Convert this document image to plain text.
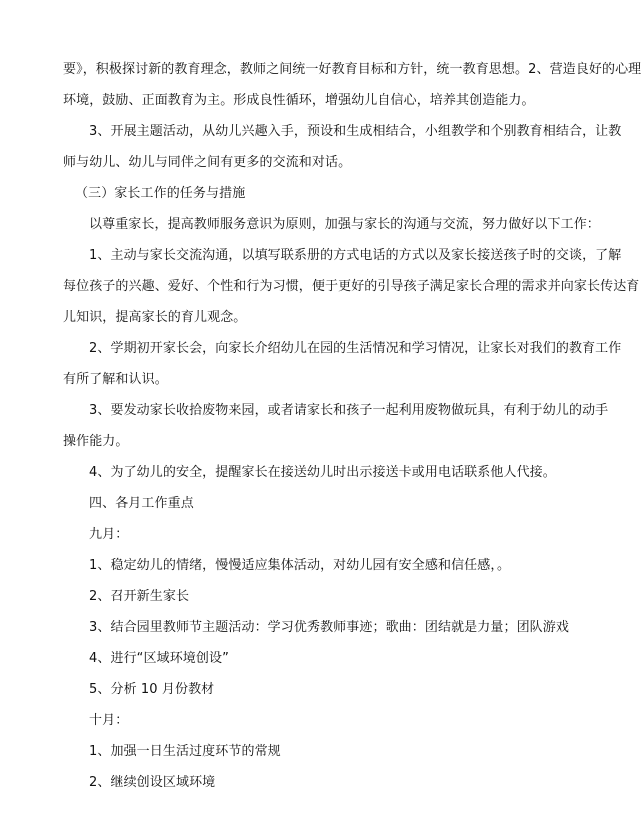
要》，积极探讨新的教育理念，教师之间统一好教育目标和方针，统一教育思想。2、营造良好的心理
环境，鼓励、正面教育为主。形成良性循环，增强幼儿自信心，培养其创造能力。
3、开展主题活动，从幼儿兴趣入手，预设和生成相结合，小组教学和个别教育相结合，让教
师与幼儿、幼儿与同伴之间有更多的交流和对话。
（三）家长工作的任务与措施
以尊重家长，提高教师服务意识为原则，加强与家长的沟通与交流，努力做好以下工作：
1、主动与家长交流沟通，以填写联系册的方式电话的方式以及家长接送孩子时的交谈，了解
每位孩子的兴趣、爱好、个性和行为习惯，便于更好的引导孩子满足家长合理的需求并向家长传达育
儿知识，提高家长的育儿观念。
2、学期初开家长会，向家长介绍幼儿在园的生活情况和学习情况，让家长对我们的教育工作
有所了解和认识。
3、要发动家长收拾废物来园，或者请家长和孩子一起利用废物做玩具，有利于幼儿的动手
操作能力。
4、为了幼儿的安全，提醒家长在接送幼儿时出示接送卡或用电话联系他人代接。
四、各月工作重点
九月：
1、稳定幼儿的情绪，慢慢适应集体活动，对幼儿园有安全感和信任感，。
2、召开新生家长
3、结合园里教师节主题活动：学习优秀教师事迹；歌曲：团结就是力量；团队游戏
4、进行“区域环境创设”
5、分析 10 月份教材
十月：
1、加强一日生活过度环节的常规
2、继续创设区域环境
